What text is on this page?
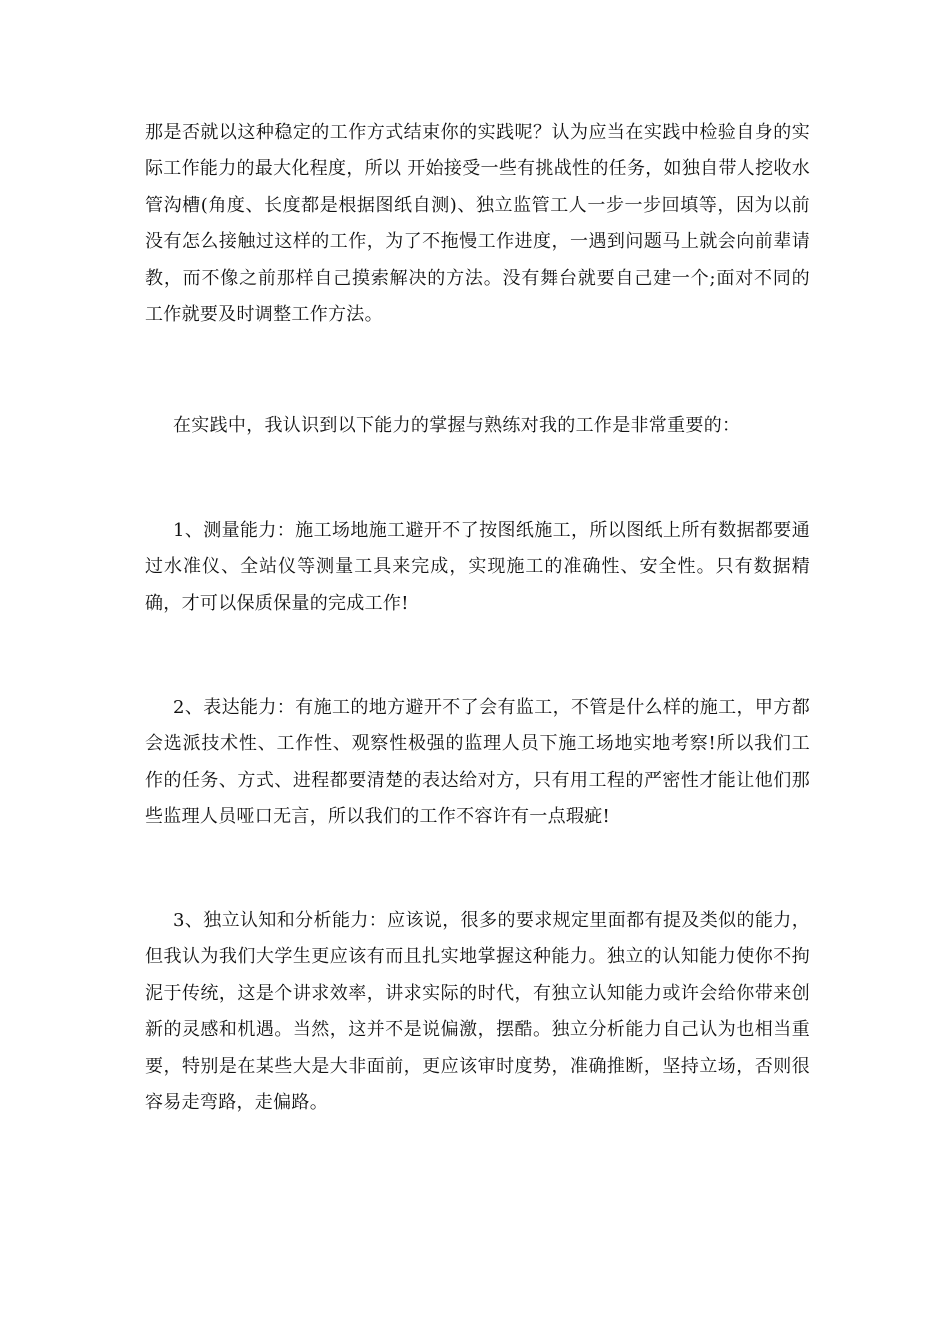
那是否就以这种稳定的工作方式结束你的实践呢？认为应当在实践中检验自身的实际工作能力的最大化程度，所以 开始接受一些有挑战性的任务，如独自带人挖收水管沟槽(角度、长度都是根据图纸自测)、独立监管工人一步一步回填等，因为以前没有怎么接触过这样的工作，为了不拖慢工作进度，一遇到问题马上就会向前辈请教，而不像之前那样自己摸索解决的方法。没有舞台就要自己建一个;面对不同的工作就要及时调整工作方法。

在实践中，我认识到以下能力的掌握与熟练对我的工作是非常重要的：

1、测量能力：施工场地施工避开不了按图纸施工，所以图纸上所有数据都要通过水准仪、全站仪等测量工具来完成，实现施工的准确性、安全性。只有数据精确，才可以保质保量的完成工作!

2、表达能力：有施工的地方避开不了会有监工，不管是什么样的施工，甲方都会选派技术性、工作性、观察性极强的监理人员下施工场地实地考察!所以我们工作的任务、方式、进程都要清楚的表达给对方，只有用工程的严密性才能让他们那些监理人员哑口无言，所以我们的工作不容许有一点瑕疵!

3、独立认知和分析能力：应该说，很多的要求规定里面都有提及类似的能力，但我认为我们大学生更应该有而且扎实地掌握这种能力。独立的认知能力使你不拘泥于传统，这是个讲求效率，讲求实际的时代，有独立认知能力或许会给你带来创新的灵感和机遇。当然，这并不是说偏激，摆酷。独立分析能力自己认为也相当重要，特别是在某些大是大非面前，更应该审时度势，准确推断，坚持立场，否则很容易走弯路，走偏路。
